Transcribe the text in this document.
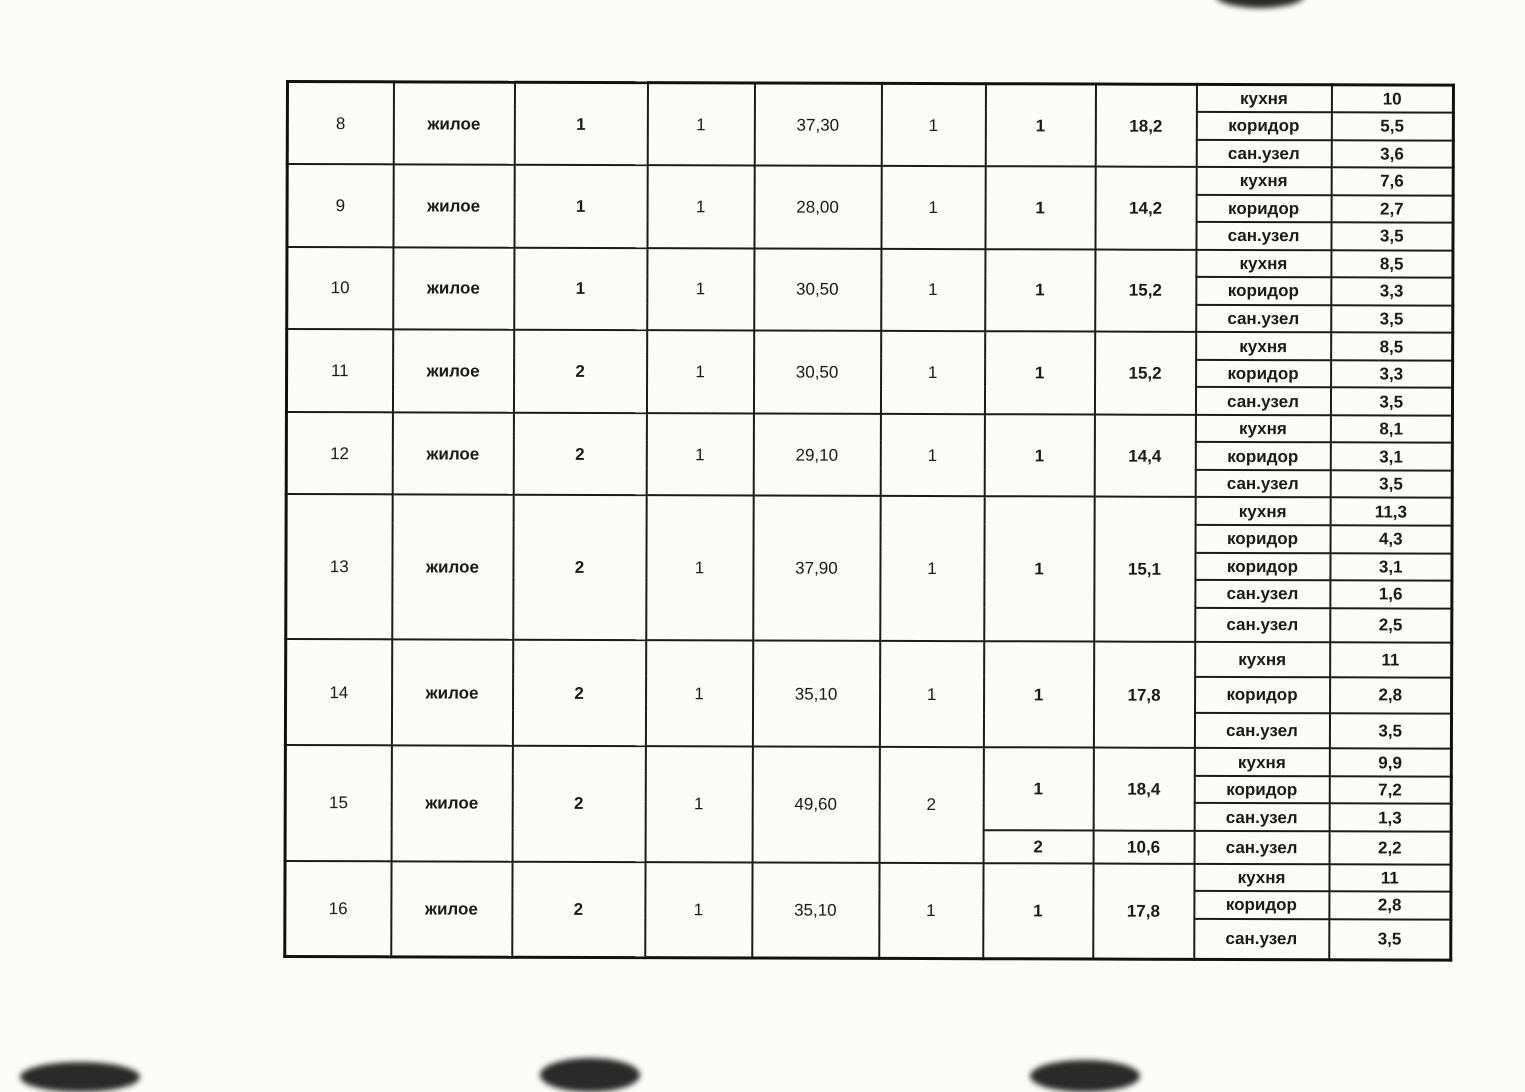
8	жилое	1	1	37,30	1	1	18,2	кухня	10
								коридор	5,5
								сан.узел	3,6
9	жилое	1	1	28,00	1	1	14,2	кухня	7,6
								коридор	2,7
								сан.узел	3,5
10	жилое	1	1	30,50	1	1	15,2	кухня	8,5
								коридор	3,3
								сан.узел	3,5
11	жилое	2	1	30,50	1	1	15,2	кухня	8,5
								коридор	3,3
								сан.узел	3,5
12	жилое	2	1	29,10	1	1	14,4	кухня	8,1
								коридор	3,1
								сан.узел	3,5
13	жилое	2	1	37,90	1	1	15,1	кухня	11,3
								коридор	4,3
								коридор	3,1
								сан.узел	1,6
								сан.узел	2,5
14	жилое	2	1	35,10	1	1	17,8	кухня	11
								коридор	2,8
								сан.узел	3,5
15	жилое	2	1	49,60	2	1	18,4	кухня	9,9
								коридор	7,2
								сан.узел	1,3
						2	10,6	сан.узел	2,2
16	жилое	2	1	35,10	1	1	17,8	кухня	11
								коридор	2,8
								сан.узел	3,5
